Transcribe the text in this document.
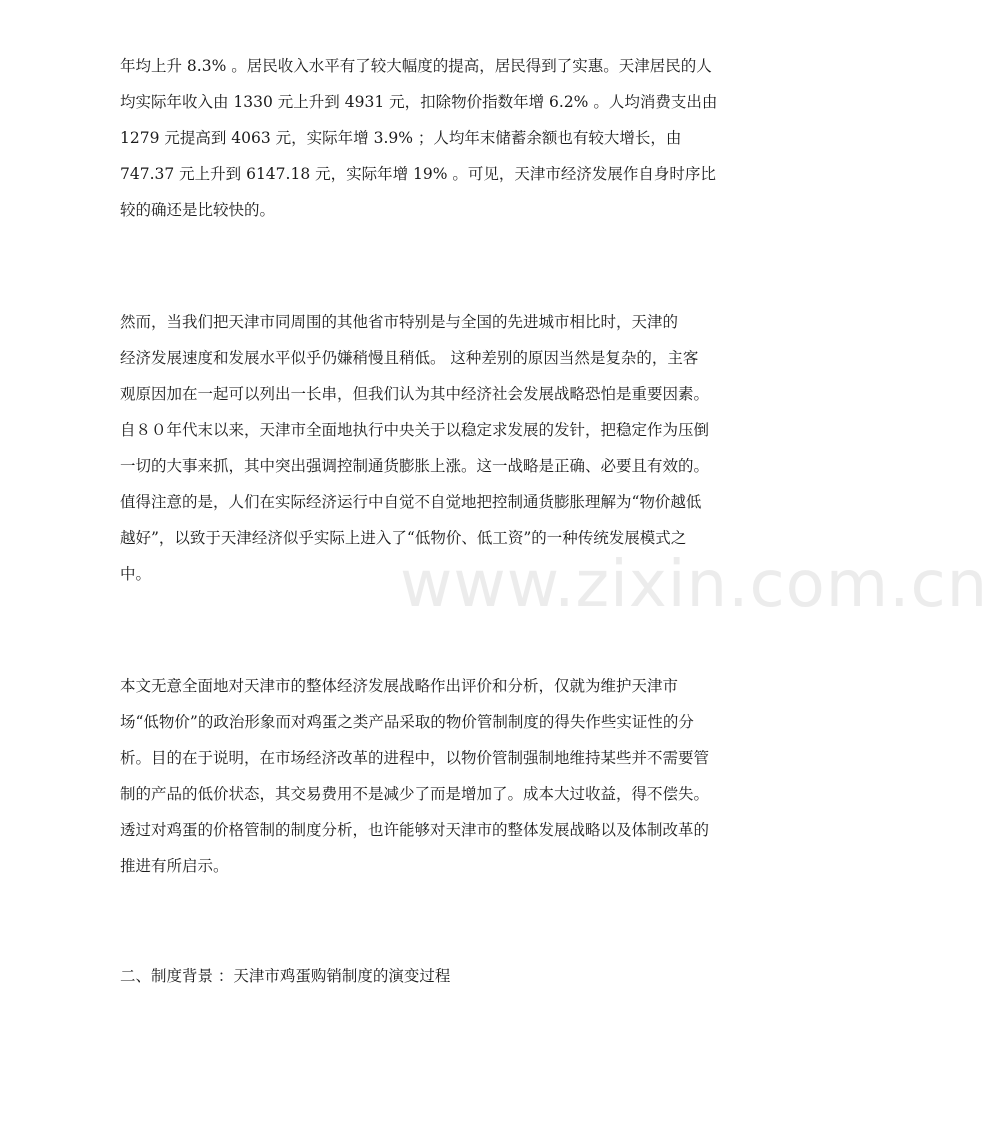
www.zixin.com.cn
年均上升 8.3% 。居民收入水平有了较大幅度的提高，居民得到了实惠。天津居民的人
均实际年收入由 1330 元上升到 4931 元，扣除物价指数年增 6.2% 。人均消费支出由
1279 元提高到 4063 元，实际年增 3.9% ；人均年末储蓄余额也有较大增长，由
747.37 元上升到 6147.18 元，实际年增 19% 。可见，天津市经济发展作自身时序比
较的确还是比较快的。
然而，当我们把天津市同周围的其他省市特别是与全国的先进城市相比时，天津的
经济发展速度和发展水平似乎仍嫌稍慢且稍低。 这种差别的原因当然是复杂的，主客
观原因加在一起可以列出一长串，但我们认为其中经济社会发展战略恐怕是重要因素。
自８０年代末以来，天津市全面地执行中央关于以稳定求发展的发针，把稳定作为压倒
一切的大事来抓，其中突出强调控制通货膨胀上涨。这一战略是正确、必要且有效的。
值得注意的是，人们在实际经济运行中自觉不自觉地把控制通货膨胀理解为“物价越低
越好”，以致于天津经济似乎实际上进入了“低物价、低工资”的一种传统发展模式之
中。
本文无意全面地对天津市的整体经济发展战略作出评价和分析，仅就为维护天津市
场“低物价”的政治形象而对鸡蛋之类产品采取的物价管制制度的得失作些实证性的分
析。目的在于说明，在市场经济改革的进程中，以物价管制强制地维持某些并不需要管
制的产品的低价状态，其交易费用不是减少了而是增加了。成本大过收益，得不偿失。
透过对鸡蛋的价格管制的制度分析，也许能够对天津市的整体发展战略以及体制改革的
推进有所启示。
二、制度背景 ：天津市鸡蛋购销制度的演变过程
